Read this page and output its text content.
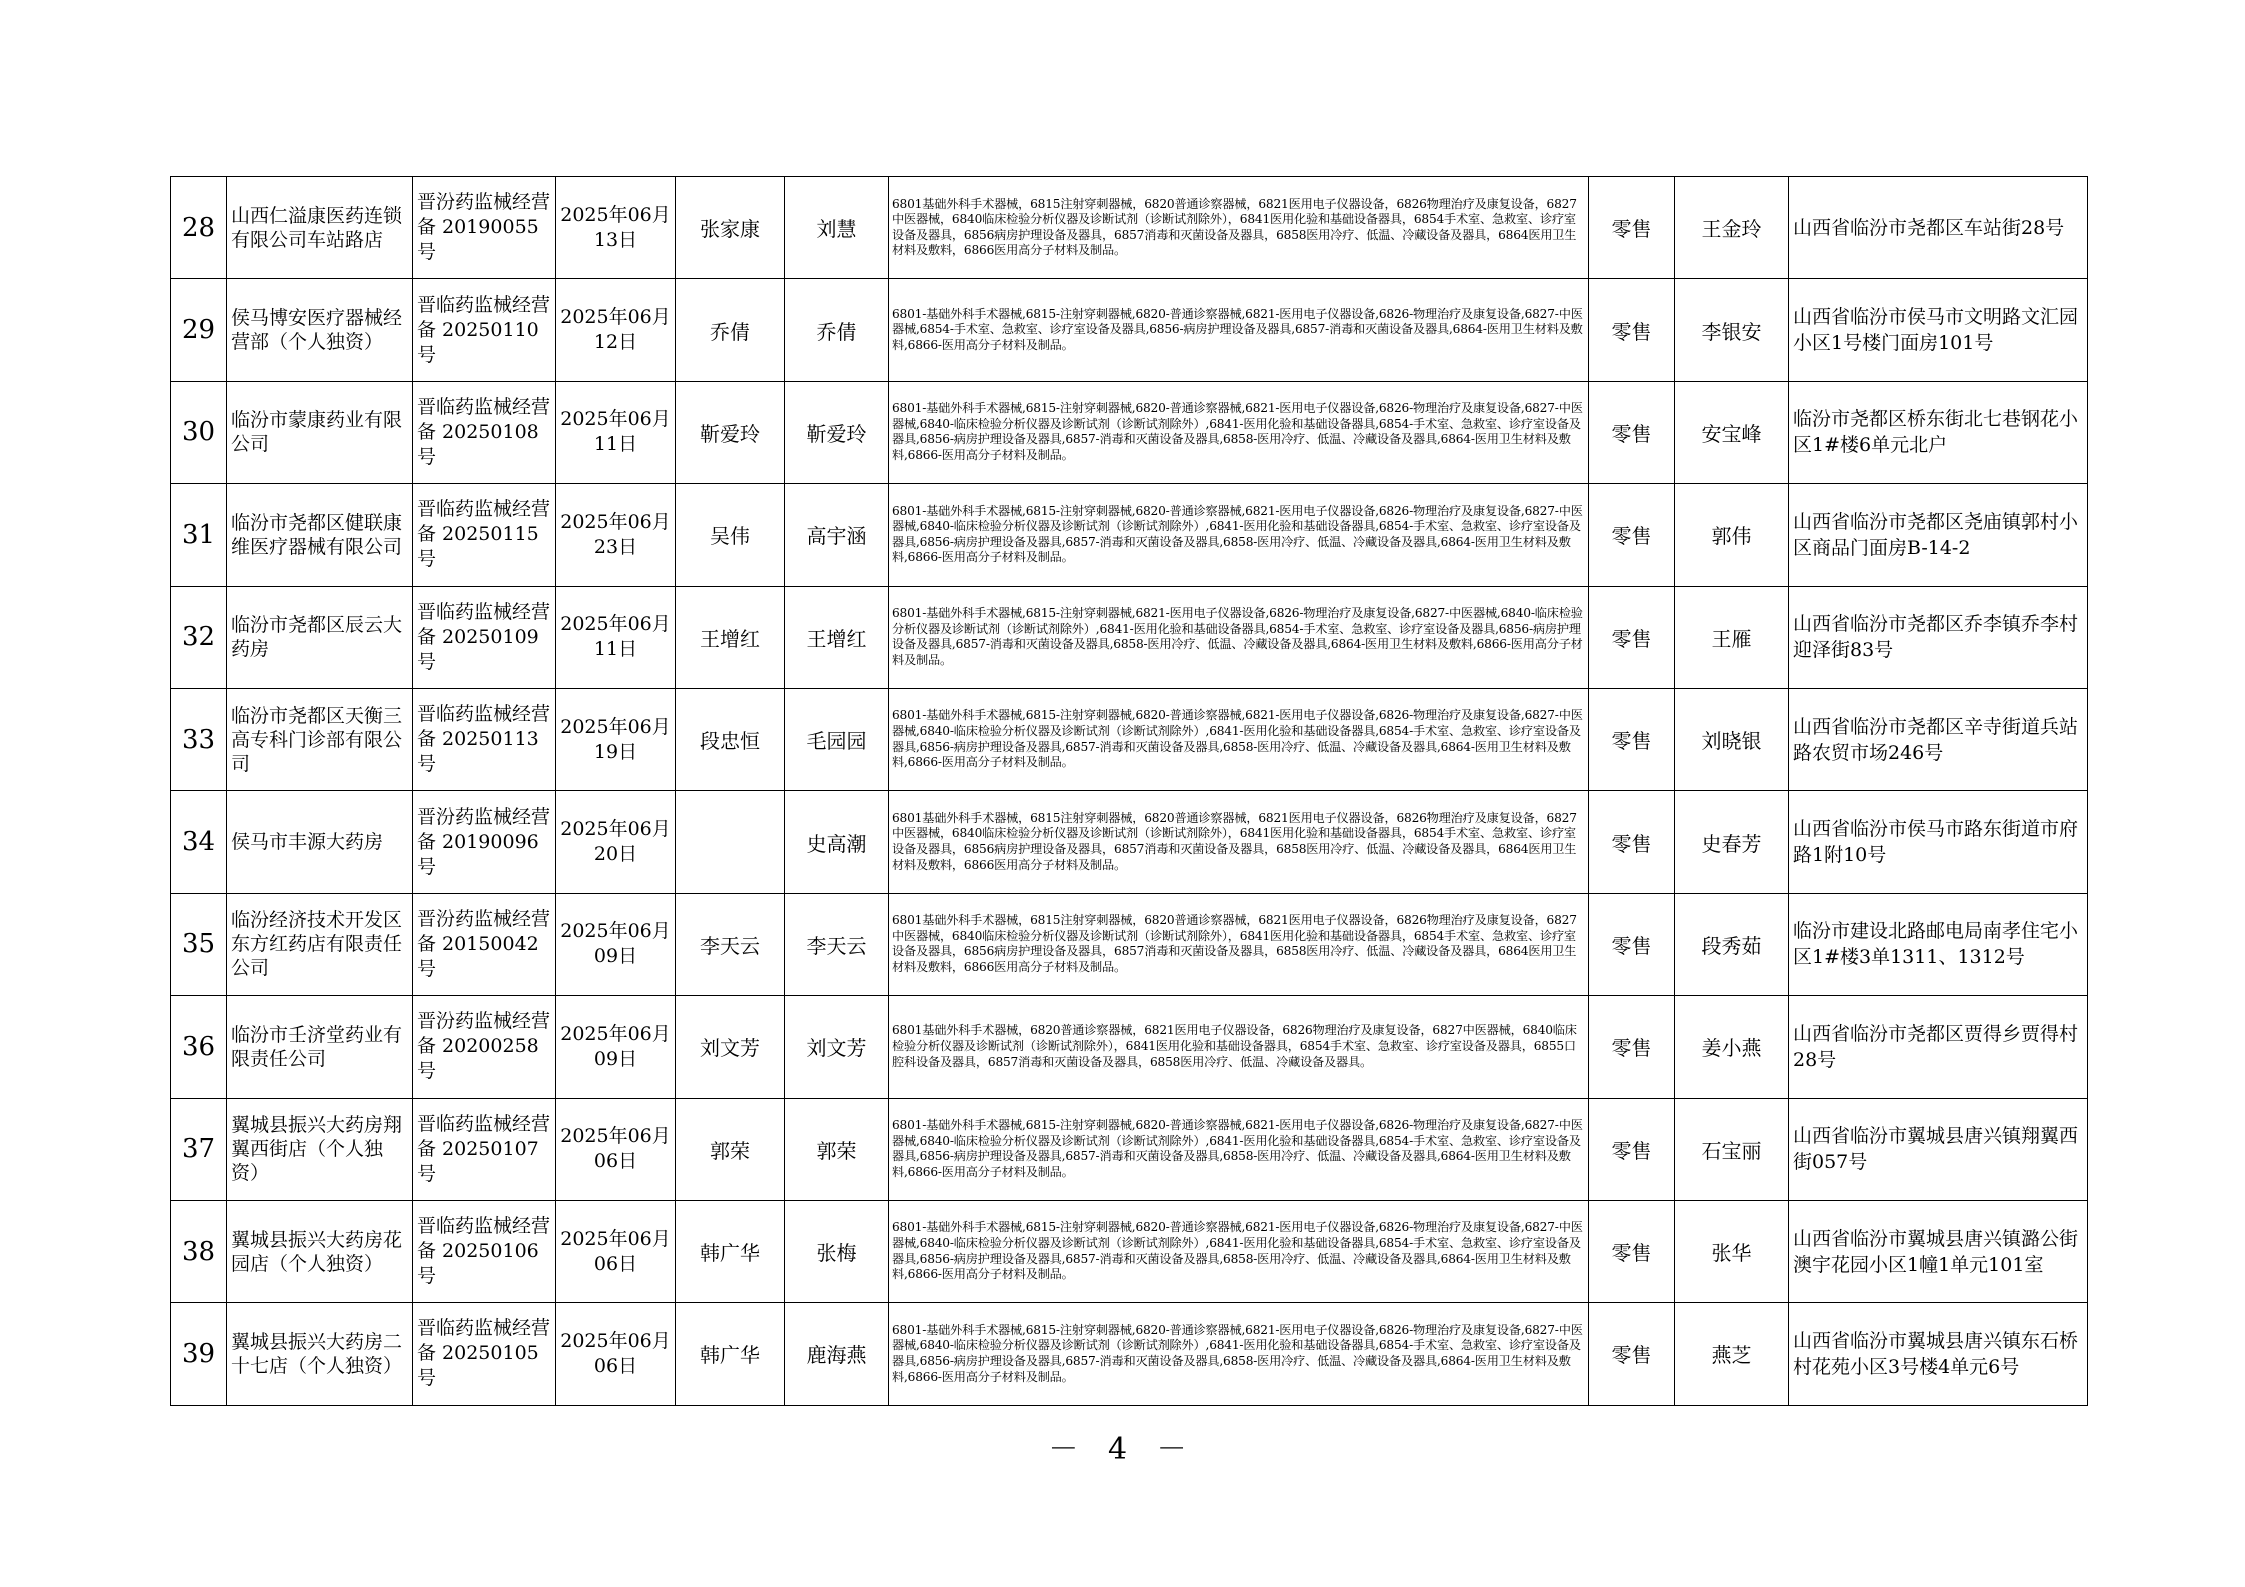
28	山西仁溢康医药连锁有限公司车站路店	晋汾药监械经营备 20190055号	2025年06月13日	张家康	刘慧	6801基础外科手术器械，6815注射穿刺器械，6820普通诊察器械，6821医用电子仪器设备，6826物理治疗及康复设备，6827中医器械，6840临床检验分析仪器及诊断试剂（诊断试剂除外），6841医用化验和基础设备器具，6854手术室、急救室、诊疗室设备及器具，6856病房护理设备及器具，6857消毒和灭菌设备及器具，6858医用冷疗、低温、冷藏设备及器具，6864医用卫生材料及敷料，6866医用高分子材料及制品。	零售	王金玲	山西省临汾市尧都区车站街28号
29	侯马博安医疗器械经营部（个人独资）	晋临药监械经营备 20250110号	2025年06月12日	乔倩	乔倩	6801-基础外科手术器械,6815-注射穿刺器械,6820-普通诊察器械,6821-医用电子仪器设备,6826-物理治疗及康复设备,6827-中医器械,6854-手术室、急救室、诊疗室设备及器具,6856-病房护理设备及器具,6857-消毒和灭菌设备及器具,6864-医用卫生材料及敷料,6866-医用高分子材料及制品。	零售	李银安	山西省临汾市侯马市文明路文汇园小区1号楼门面房101号
30	临汾市蒙康药业有限公司	晋临药监械经营备 20250108号	2025年06月11日	靳爱玲	靳爱玲	6801-基础外科手术器械,6815-注射穿刺器械,6820-普通诊察器械,6821-医用电子仪器设备,6826-物理治疗及康复设备,6827-中医器械,6840-临床检验分析仪器及诊断试剂（诊断试剂除外）,6841-医用化验和基础设备器具,6854-手术室、急救室、诊疗室设备及器具,6856-病房护理设备及器具,6857-消毒和灭菌设备及器具,6858-医用冷疗、低温、冷藏设备及器具,6864-医用卫生材料及敷料,6866-医用高分子材料及制品。	零售	安宝峰	临汾市尧都区桥东街北七巷钢花小区1#楼6单元北户
31	临汾市尧都区健联康维医疗器械有限公司	晋临药监械经营备 20250115号	2025年06月23日	吴伟	高宇涵	6801-基础外科手术器械,6815-注射穿刺器械,6820-普通诊察器械,6821-医用电子仪器设备,6826-物理治疗及康复设备,6827-中医器械,6840-临床检验分析仪器及诊断试剂（诊断试剂除外）,6841-医用化验和基础设备器具,6854-手术室、急救室、诊疗室设备及器具,6856-病房护理设备及器具,6857-消毒和灭菌设备及器具,6858-医用冷疗、低温、冷藏设备及器具,6864-医用卫生材料及敷料,6866-医用高分子材料及制品。	零售	郭伟	山西省临汾市尧都区尧庙镇郭村小区商品门面房B-14-2
32	临汾市尧都区辰云大药房	晋临药监械经营备 20250109号	2025年06月11日	王增红	王增红	6801-基础外科手术器械,6815-注射穿刺器械,6821-医用电子仪器设备,6826-物理治疗及康复设备,6827-中医器械,6840-临床检验分析仪器及诊断试剂（诊断试剂除外）,6841-医用化验和基础设备器具,6854-手术室、急救室、诊疗室设备及器具,6856-病房护理设备及器具,6857-消毒和灭菌设备及器具,6858-医用冷疗、低温、冷藏设备及器具,6864-医用卫生材料及敷料,6866-医用高分子材料及制品。	零售	王雁	山西省临汾市尧都区乔李镇乔李村迎泽街83号
33	临汾市尧都区天衡三高专科门诊部有限公司	晋临药监械经营备 20250113号	2025年06月19日	段忠恒	毛园园	6801-基础外科手术器械,6815-注射穿刺器械,6820-普通诊察器械,6821-医用电子仪器设备,6826-物理治疗及康复设备,6827-中医器械,6840-临床检验分析仪器及诊断试剂（诊断试剂除外）,6841-医用化验和基础设备器具,6854-手术室、急救室、诊疗室设备及器具,6856-病房护理设备及器具,6857-消毒和灭菌设备及器具,6858-医用冷疗、低温、冷藏设备及器具,6864-医用卫生材料及敷料,6866-医用高分子材料及制品。	零售	刘晓银	山西省临汾市尧都区辛寺街道兵站路农贸市场246号
34	侯马市丰源大药房	晋汾药监械经营备 20190096号	2025年06月20日		史高潮	6801基础外科手术器械，6815注射穿刺器械，6820普通诊察器械，6821医用电子仪器设备，6826物理治疗及康复设备，6827中医器械，6840临床检验分析仪器及诊断试剂（诊断试剂除外），6841医用化验和基础设备器具，6854手术室、急救室、诊疗室设备及器具，6856病房护理设备及器具，6857消毒和灭菌设备及器具，6858医用冷疗、低温、冷藏设备及器具，6864医用卫生材料及敷料，6866医用高分子材料及制品。	零售	史春芳	山西省临汾市侯马市路东街道市府路1附10号
35	临汾经济技术开发区东方红药店有限责任公司	晋汾药监械经营备 20150042号	2025年06月09日	李天云	李天云	6801基础外科手术器械，6815注射穿刺器械，6820普通诊察器械，6821医用电子仪器设备，6826物理治疗及康复设备，6827中医器械，6840临床检验分析仪器及诊断试剂（诊断试剂除外），6841医用化验和基础设备器具，6854手术室、急救室、诊疗室设备及器具，6856病房护理设备及器具，6857消毒和灭菌设备及器具，6858医用冷疗、低温、冷藏设备及器具，6864医用卫生材料及敷料，6866医用高分子材料及制品。	零售	段秀茹	临汾市建设北路邮电局南孝住宅小区1#楼3单1311、1312号
36	临汾市壬济堂药业有限责任公司	晋汾药监械经营备 20200258号	2025年06月09日	刘文芳	刘文芳	6801基础外科手术器械，6820普通诊察器械，6821医用电子仪器设备，6826物理治疗及康复设备，6827中医器械，6840临床检验分析仪器及诊断试剂（诊断试剂除外），6841医用化验和基础设备器具，6854手术室、急救室、诊疗室设备及器具，6855口腔科设备及器具，6857消毒和灭菌设备及器具，6858医用冷疗、低温、冷藏设备及器具。	零售	姜小燕	山西省临汾市尧都区贾得乡贾得村28号
37	翼城县振兴大药房翔翼西街店（个人独资）	晋临药监械经营备 20250107号	2025年06月06日	郭荣	郭荣	6801-基础外科手术器械,6815-注射穿刺器械,6820-普通诊察器械,6821-医用电子仪器设备,6826-物理治疗及康复设备,6827-中医器械,6840-临床检验分析仪器及诊断试剂（诊断试剂除外）,6841-医用化验和基础设备器具,6854-手术室、急救室、诊疗室设备及器具,6856-病房护理设备及器具,6857-消毒和灭菌设备及器具,6858-医用冷疗、低温、冷藏设备及器具,6864-医用卫生材料及敷料,6866-医用高分子材料及制品。	零售	石宝丽	山西省临汾市翼城县唐兴镇翔翼西街057号
38	翼城县振兴大药房花园店（个人独资）	晋临药监械经营备 20250106号	2025年06月06日	韩广华	张梅	6801-基础外科手术器械,6815-注射穿刺器械,6820-普通诊察器械,6821-医用电子仪器设备,6826-物理治疗及康复设备,6827-中医器械,6840-临床检验分析仪器及诊断试剂（诊断试剂除外）,6841-医用化验和基础设备器具,6854-手术室、急救室、诊疗室设备及器具,6856-病房护理设备及器具,6857-消毒和灭菌设备及器具,6858-医用冷疗、低温、冷藏设备及器具,6864-医用卫生材料及敷料,6866-医用高分子材料及制品。	零售	张华	山西省临汾市翼城县唐兴镇潞公街澳宇花园小区1幢1单元101室
39	翼城县振兴大药房二十七店（个人独资）	晋临药监械经营备 20250105号	2025年06月06日	韩广华	鹿海燕	6801-基础外科手术器械,6815-注射穿刺器械,6820-普通诊察器械,6821-医用电子仪器设备,6826-物理治疗及康复设备,6827-中医器械,6840-临床检验分析仪器及诊断试剂（诊断试剂除外）,6841-医用化验和基础设备器具,6854-手术室、急救室、诊疗室设备及器具,6856-病房护理设备及器具,6857-消毒和灭菌设备及器具,6858-医用冷疗、低温、冷藏设备及器具,6864-医用卫生材料及敷料,6866-医用高分子材料及制品。	零售	燕芝	山西省临汾市翼城县唐兴镇东石桥村花苑小区3号楼4单元6号
－ 4 －
